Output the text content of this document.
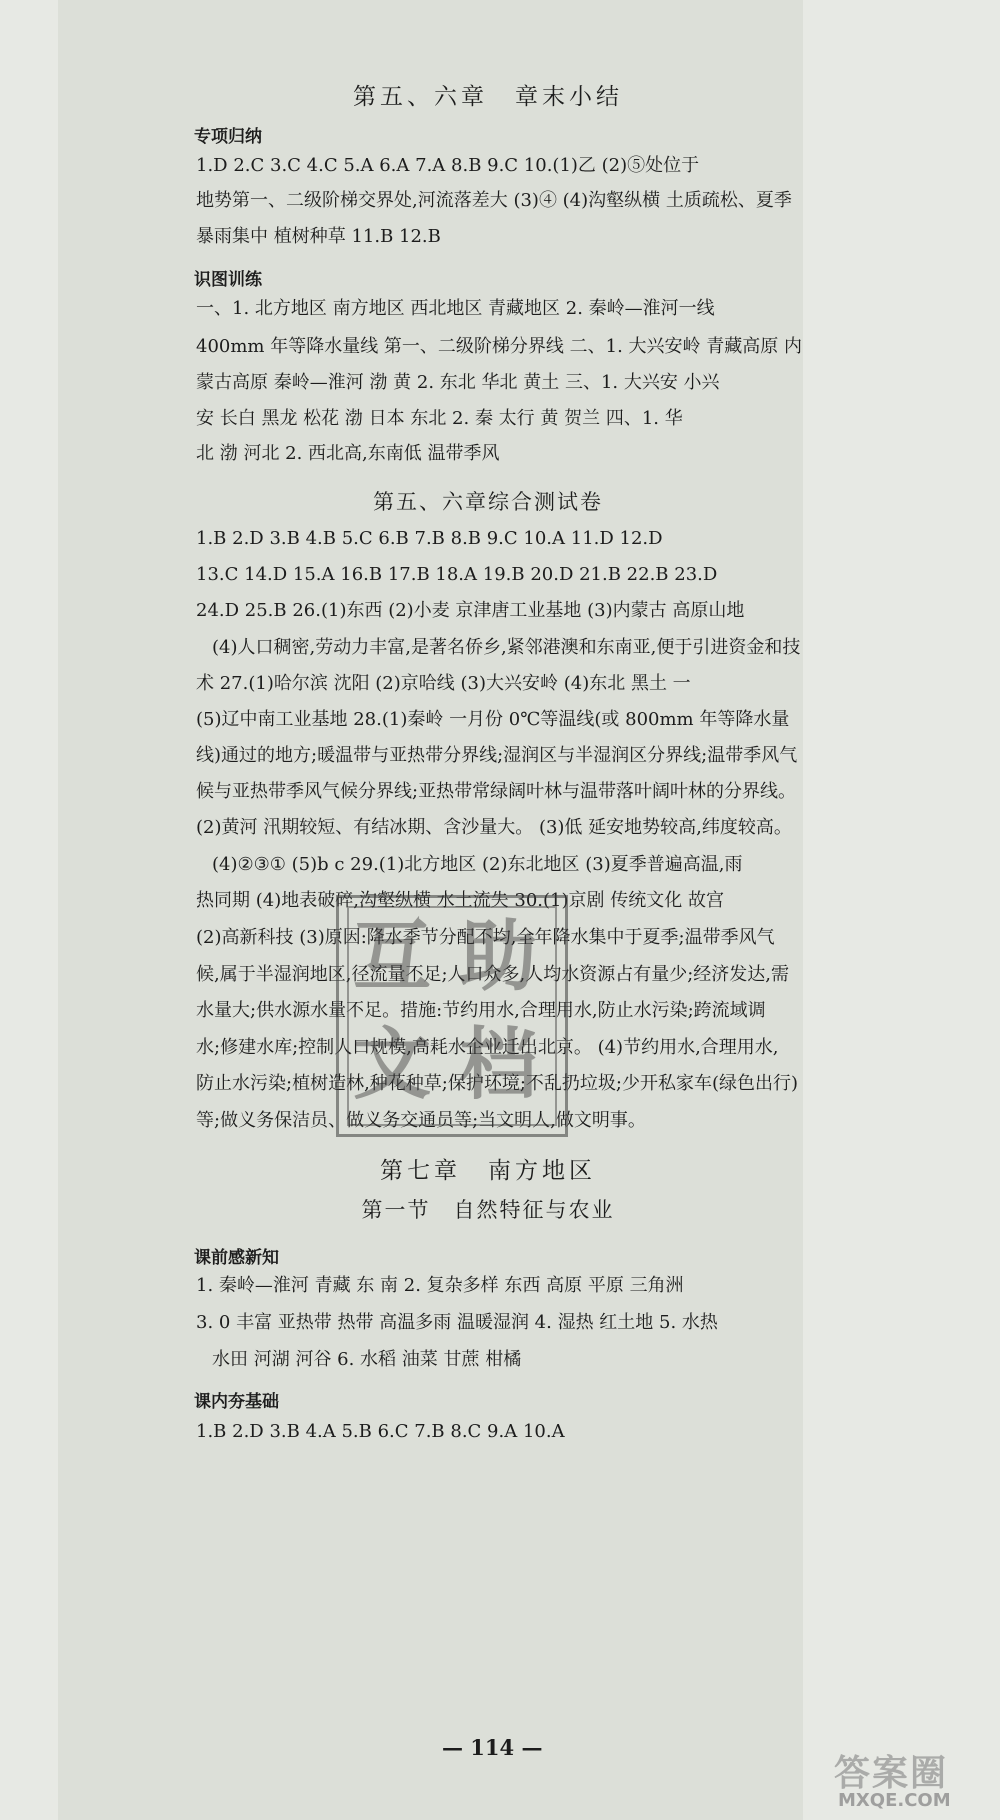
第五、六章　章末小结
专项归纳
1.D 2.C 3.C 4.C 5.A 6.A 7.A 8.B 9.C 10.(1)乙 (2)⑤处位于
地势第一、二级阶梯交界处,河流落差大 (3)④ (4)沟壑纵横 土质疏松、夏季
暴雨集中 植树种草 11.B 12.B
识图训练
一、1. 北方地区 南方地区 西北地区 青藏地区 2. 秦岭—淮河一线
400mm 年等降水量线 第一、二级阶梯分界线 二、1. 大兴安岭 青藏高原 内
蒙古高原 秦岭—淮河 渤 黄 2. 东北 华北 黄土 三、1. 大兴安 小兴
安 长白 黑龙 松花 渤 日本 东北 2. 秦 太行 黄 贺兰 四、1. 华
北 渤 河北 2. 西北高,东南低 温带季风
第五、六章综合测试卷
1.B 2.D 3.B 4.B 5.C 6.B 7.B 8.B 9.C 10.A 11.D 12.D
13.C 14.D 15.A 16.B 17.B 18.A 19.B 20.D 21.B 22.B 23.D
24.D 25.B 26.(1)东西 (2)小麦 京津唐工业基地 (3)内蒙古 高原山地
(4)人口稠密,劳动力丰富,是著名侨乡,紧邻港澳和东南亚,便于引进资金和技
术 27.(1)哈尔滨 沈阳 (2)京哈线 (3)大兴安岭 (4)东北 黑土 一
(5)辽中南工业基地 28.(1)秦岭 一月份 0℃等温线(或 800mm 年等降水量
线)通过的地方;暖温带与亚热带分界线;湿润区与半湿润区分界线;温带季风气
候与亚热带季风气候分界线;亚热带常绿阔叶林与温带落叶阔叶林的分界线。
(2)黄河 汛期较短、有结冰期、含沙量大。 (3)低 延安地势较高,纬度较高。
(4)②③① (5)b c 29.(1)北方地区 (2)东北地区 (3)夏季普遍高温,雨
热同期 (4)地表破碎,沟壑纵横 水土流失 30.(1)京剧 传统文化 故宫
(2)高新科技 (3)原因:降水季节分配不均,全年降水集中于夏季;温带季风气
候,属于半湿润地区,径流量不足;人口众多,人均水资源占有量少;经济发达,需
水量大;供水源水量不足。措施:节约用水,合理用水,防止水污染;跨流域调
水;修建水库;控制人口规模,高耗水企业迁出北京。 (4)节约用水,合理用水,
防止水污染;植树造林,种花种草;保护环境;不乱扔垃圾;少开私家车(绿色出行)
等;做义务保洁员、做义务交通员等;当文明人,做文明事。
第七章　南方地区
第一节　自然特征与农业
课前感新知
1. 秦岭—淮河 青藏 东 南 2. 复杂多样 东西 高原 平原 三角洲
3. 0 丰富 亚热带 热带 高温多雨 温暖湿润 4. 湿热 红土地 5. 水热
水田 河湖 河谷 6. 水稻 油菜 甘蔗 柑橘
课内夯基础
1.B 2.D 3.B 4.A 5.B 6.C 7.B 8.C 9.A 10.A
互 助
文 档
— 114 —
答案圈
MXQE.COM
